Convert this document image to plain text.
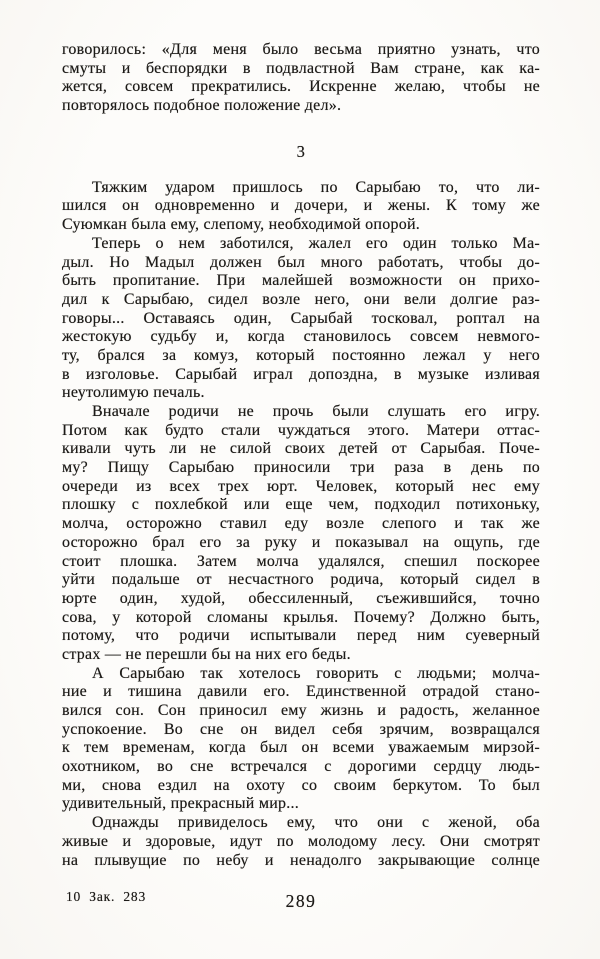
говорилось: «Для меня было весьма приятно узнать, что
смуты и беспорядки в подвластной Вам стране, как ка-
жется, совсем прекратились. Искренне желаю, чтобы не
повторялось подобное положение дел».
3
Тяжким ударом пришлось по Сарыбаю то, что ли-
шился он одновременно и дочери, и жены. К тому же
Суюмкан была ему, слепому, необходимой опорой.
Теперь о нем заботился, жалел его один только Ма-
дыл. Но Мадыл должен был много работать, чтобы до-
быть пропитание. При малейшей возможности он прихо-
дил к Сарыбаю, сидел возле него, они вели долгие раз-
говоры... Оставаясь один, Сарыбай тосковал, роптал на
жестокую судьбу и, когда становилось совсем невмого-
ту, брался за комуз, который постоянно лежал у него
в изголовье. Сарыбай играл допоздна, в музыке изливая
неутолимую печаль.
Вначале родичи не прочь были слушать его игру.
Потом как будто стали чуждаться этого. Матери оттас-
кивали чуть ли не силой своих детей от Сарыбая. Поче-
му? Пищу Сарыбаю приносили три раза в день по
очереди из всех трех юрт. Человек, который нес ему
плошку с похлебкой или еще чем, подходил потихоньку,
молча, осторожно ставил еду возле слепого и так же
осторожно брал его за руку и показывал на ощупь, где
стоит плошка. Затем молча удалялся, спешил поскорее
уйти подальше от несчастного родича, который сидел в
юрте один, худой, обессиленный, съежившийся, точно
сова, у которой сломаны крылья. Почему? Должно быть,
потому, что родичи испытывали перед ним суеверный
страх — не перешли бы на них его беды.
А Сарыбаю так хотелось говорить с людьми; молча-
ние и тишина давили его. Единственной отрадой стано-
вился сон. Сон приносил ему жизнь и радость, желанное
успокоение. Во сне он видел себя зрячим, возвращался
к тем временам, когда был он всеми уважаемым мирзой-
охотником, во сне встречался с дорогими сердцу людь-
ми, снова ездил на охоту со своим беркутом. То был
удивительный, прекрасный мир...
Однажды привиделось ему, что они с женой, оба
живые и здоровые, идут по молодому лесу. Они смотрят
на плывущие по небу и ненадолго закрывающие солнце
10 Зак. 283	289
